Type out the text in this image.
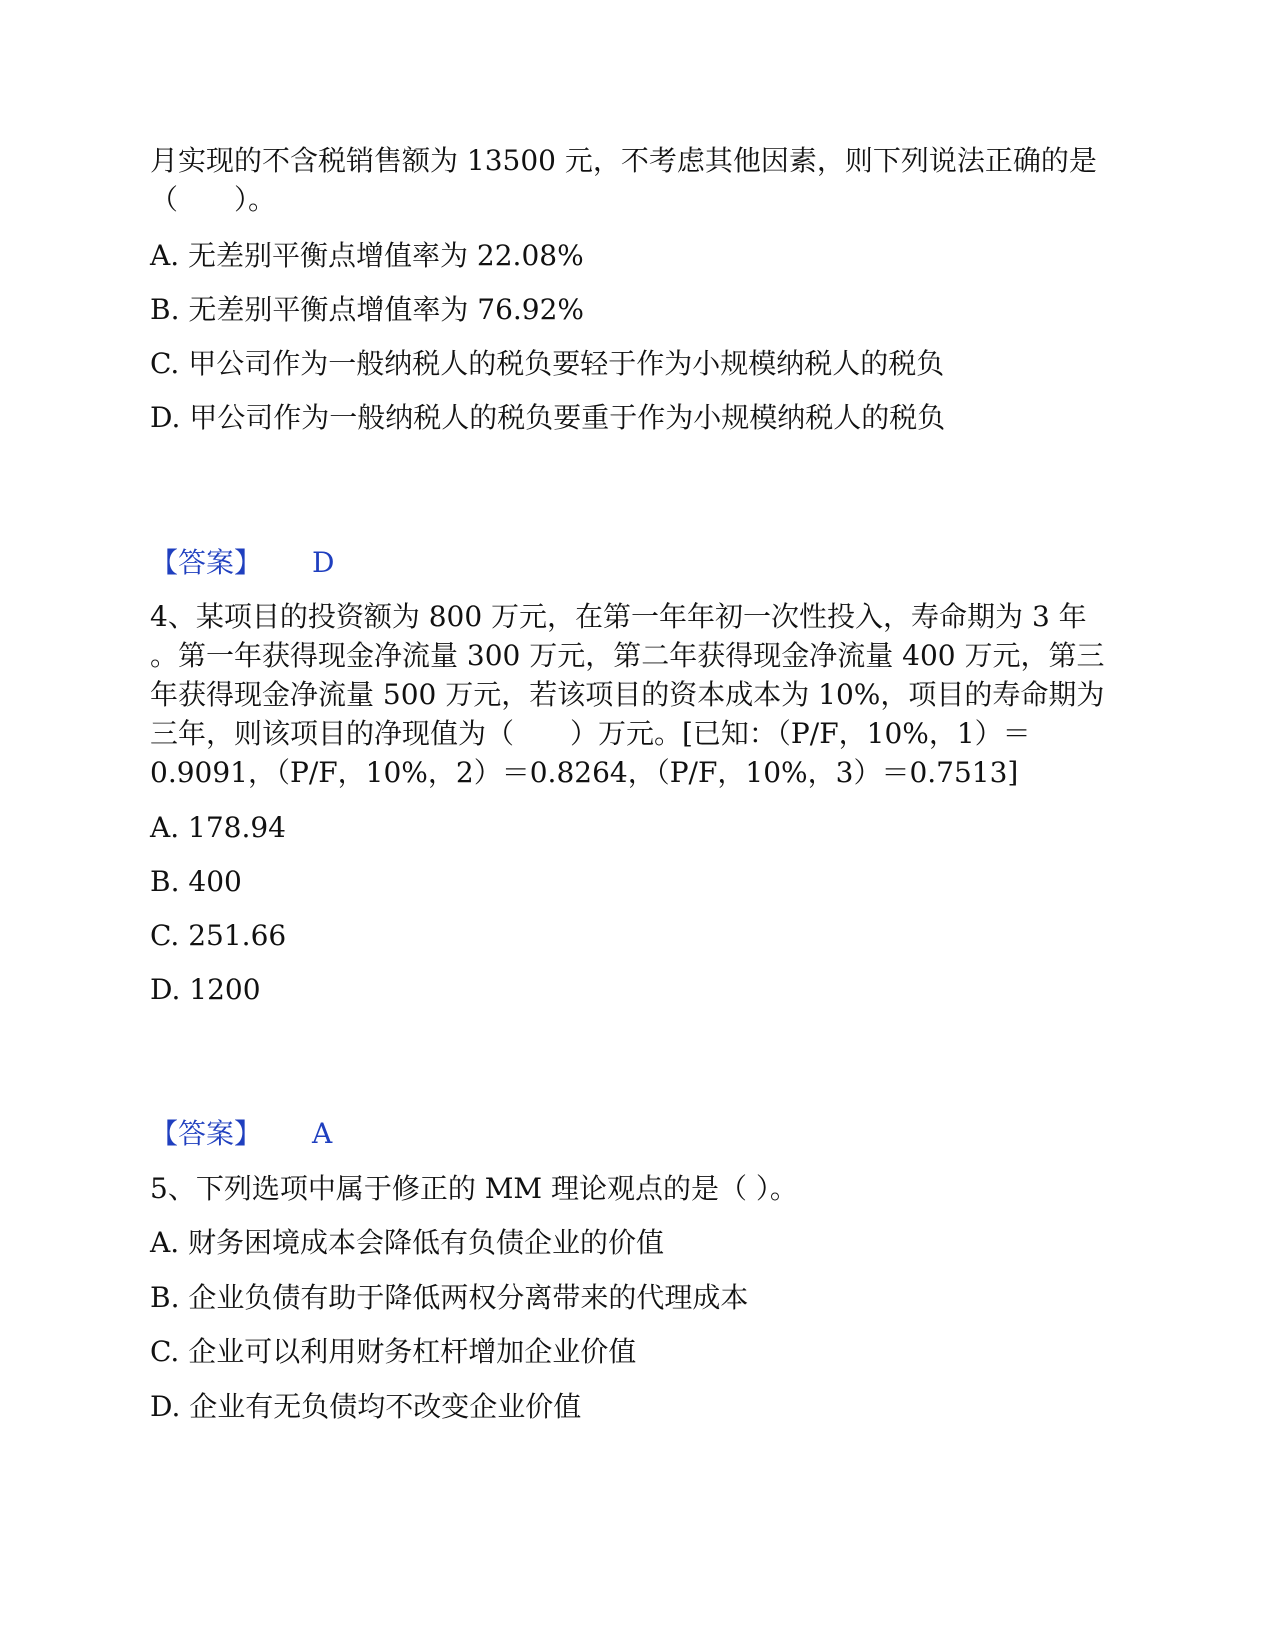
月实现的不含税销售额为 13500 元，不考虑其他因素，则下列说法正确的是
（　　）。
A. 无差别平衡点增值率为 22.08%
B. 无差别平衡点增值率为 76.92%
C. 甲公司作为一般纳税人的税负要轻于作为小规模纳税人的税负
D. 甲公司作为一般纳税人的税负要重于作为小规模纳税人的税负
【答案】 D
4、某项目的投资额为 800 万元，在第一年年初一次性投入，寿命期为 3 年
。第一年获得现金净流量 300 万元，第二年获得现金净流量 400 万元，第三
年获得现金净流量 500 万元，若该项目的资本成本为 10%，项目的寿命期为
三年，则该项目的净现值为（　　）万元。[已知：（P/F，10%，1）＝
0.9091，（P/F，10%，2）＝0.8264，（P/F，10%，3）＝0.7513]
A. 178.94
B. 400
C. 251.66
D. 1200
【答案】 A
5、下列选项中属于修正的 MM 理论观点的是（ ）。
A. 财务困境成本会降低有负债企业的价值
B. 企业负债有助于降低两权分离带来的代理成本
C. 企业可以利用财务杠杆增加企业价值
D. 企业有无负债均不改变企业价值
